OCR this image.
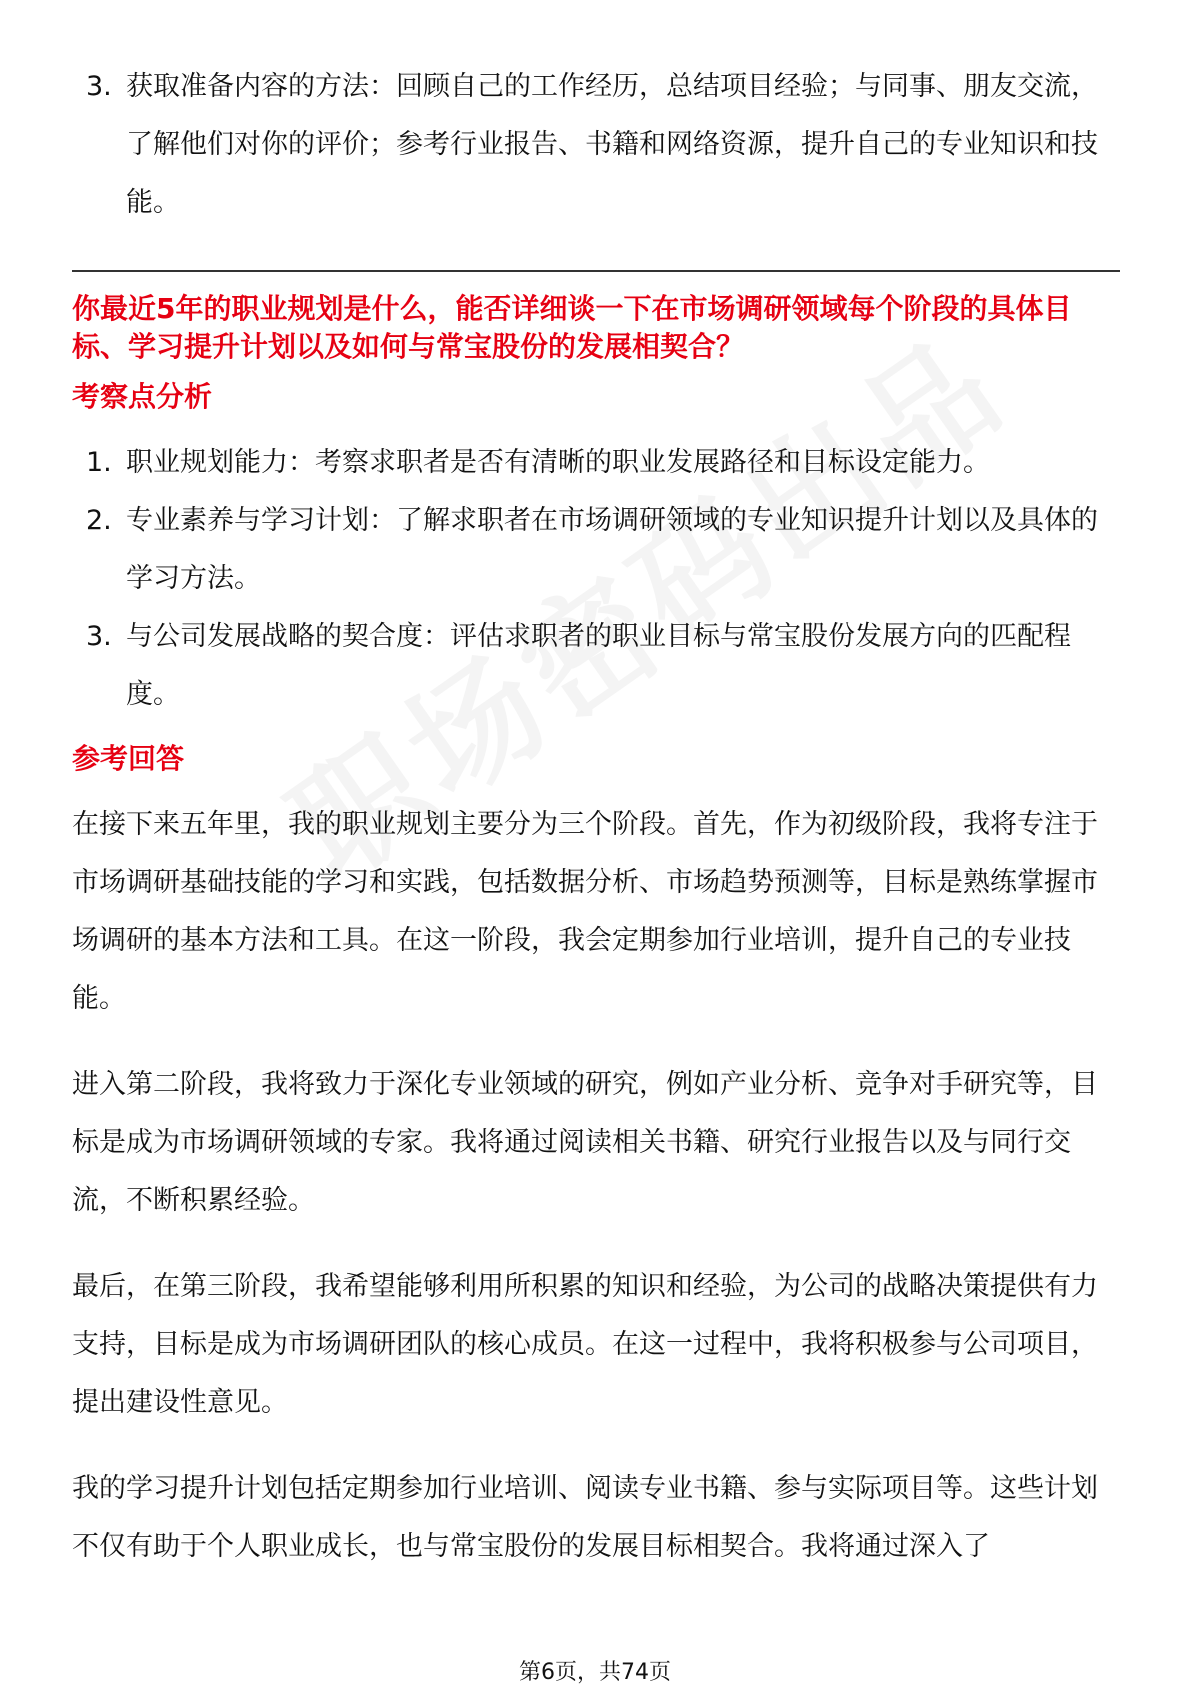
3. 获取准备内容的方法：回顾自己的工作经历，总结项目经验；与同事、朋友交流，了解他们对你的评价；参考行业报告、书籍和网络资源，提升自己的专业知识和技能。
你最近5年的职业规划是什么，能否详细谈一下在市场调研领域每个阶段的具体目标、学习提升计划以及如何与常宝股份的发展相契合？
考察点分析
1. 职业规划能力：考察求职者是否有清晰的职业发展路径和目标设定能力。
2. 专业素养与学习计划：了解求职者在市场调研领域的专业知识提升计划以及具体的学习方法。
3. 与公司发展战略的契合度：评估求职者的职业目标与常宝股份发展方向的匹配程度。
参考回答

在接下来五年里，我的职业规划主要分为三个阶段。首先，作为初级阶段，我将专注于市场调研基础技能的学习和实践，包括数据分析、市场趋势预测等，目标是熟练掌握市场调研的基本方法和工具。在这一阶段，我会定期参加行业培训，提升自己的专业技能。

进入第二阶段，我将致力于深化专业领域的研究，例如产业分析、竞争对手研究等，目标是成为市场调研领域的专家。我将通过阅读相关书籍、研究行业报告以及与同行交流，不断积累经验。

最后，在第三阶段，我希望能够利用所积累的知识和经验，为公司的战略决策提供有力支持，目标是成为市场调研团队的核心成员。在这一过程中，我将积极参与公司项目，提出建设性意见。

我的学习提升计划包括定期参加行业培训、阅读专业书籍、参与实际项目等。这些计划不仅有助于个人职业成长，也与常宝股份的发展目标相契合。我将通过深入了

第6页，共74页
